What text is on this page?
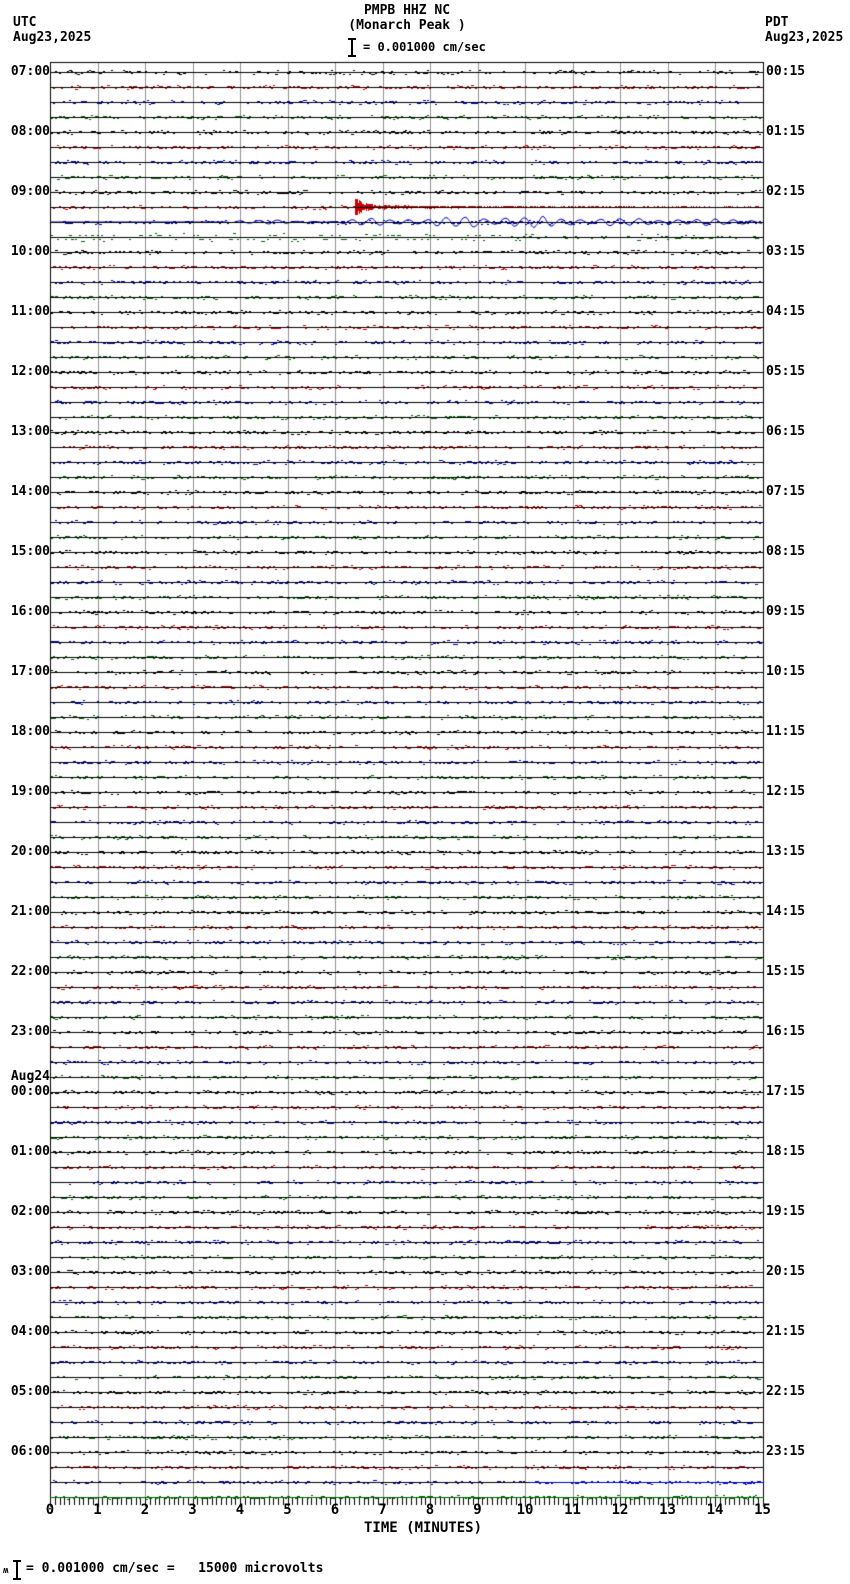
UTC
Aug23,2025
PMPB HHZ NC
(Monarch Peak )
= 0.001000 cm/sec
PDT
Aug23,2025
07:00
08:00
09:00
10:00
11:00
12:00
13:00
14:00
15:00
16:00
17:00
18:00
19:00
20:00
21:00
22:00
23:00
Aug24
00:00
01:00
02:00
03:00
04:00
05:00
06:00
00:15
01:15
02:15
03:15
04:15
05:15
06:15
07:15
08:15
09:15
10:15
11:15
12:15
13:15
14:15
15:15
16:15
17:15
18:15
19:15
20:15
21:15
22:15
23:15
0	1	2	3	4	5	6	7	8	9 10 11 12 13 14 15
TIME (MINUTES)
ʍ = 0.001000 cm/sec =   15000 microvolts
